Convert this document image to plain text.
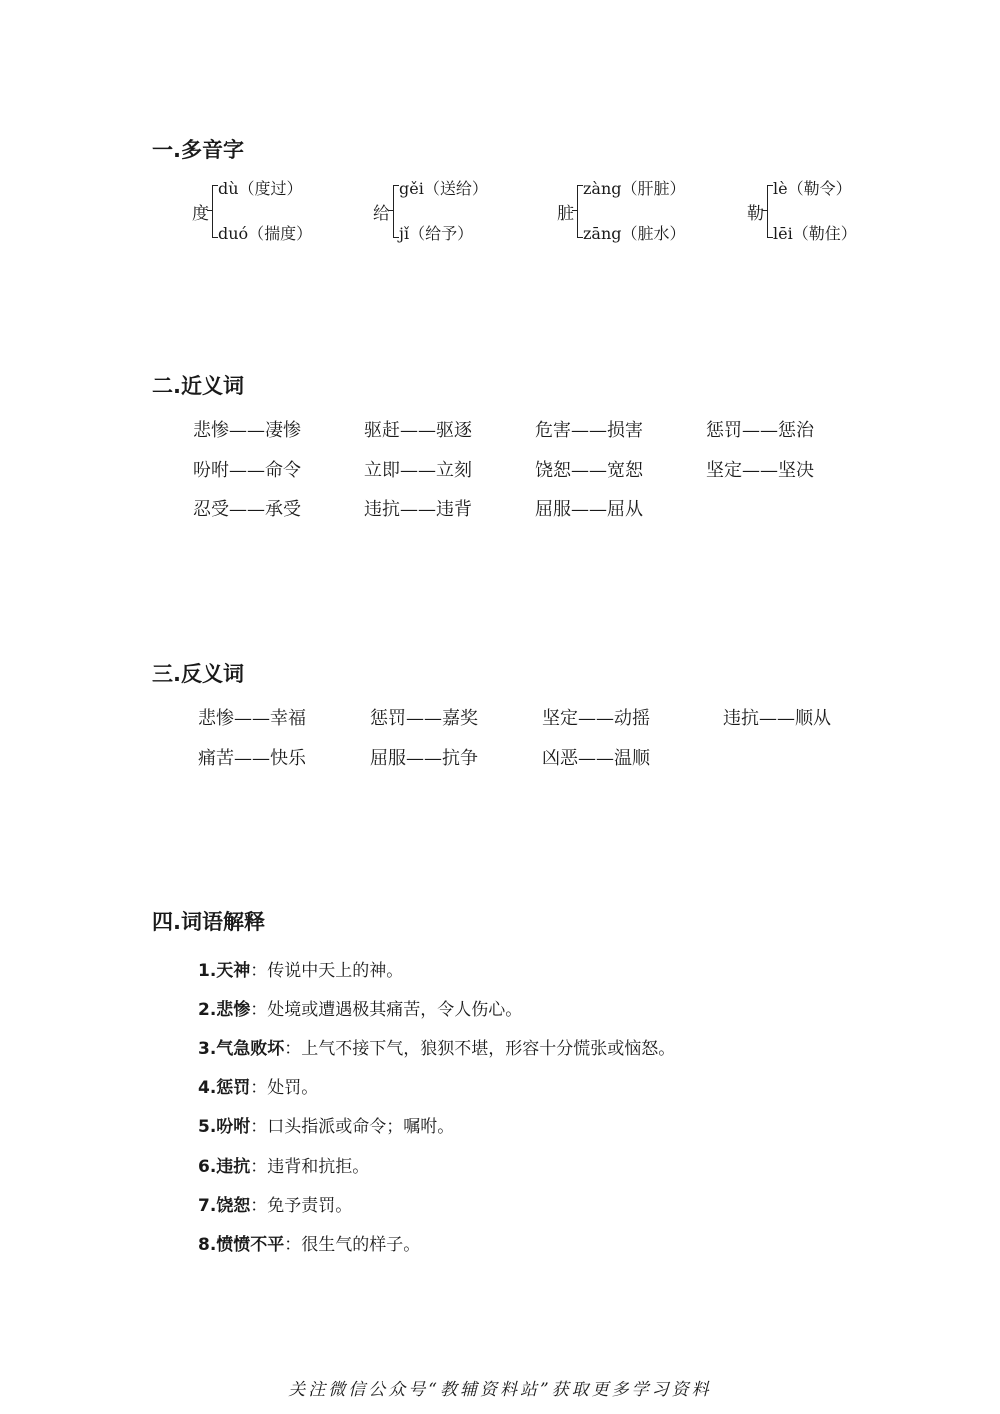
一.多音字
度
dù（度过）
duó（揣度）
给
gěi（送给）
jǐ（给予）
脏
zàng（肝脏）
zāng（脏水）
勒
lè（勒令）
lēi（勒住）
二.近义词
悲惨——凄惨	驱赶——驱逐	危害——损害	惩罚——惩治
吩咐——命令	立即——立刻	饶恕——宽恕	坚定——坚决
忍受——承受	违抗——违背	屈服——屈从
三.反义词
悲惨——幸福	惩罚——嘉奖	坚定——动摇	违抗——顺从
痛苦——快乐	屈服——抗争	凶恶——温顺
四.词语解释
1.天神：传说中天上的神。
2.悲惨：处境或遭遇极其痛苦，令人伤心。
3.气急败坏：上气不接下气，狼狈不堪，形容十分慌张或恼怒。
4.惩罚：处罚。
5.吩咐：口头指派或命令；嘱咐。
6.违抗：违背和抗拒。
7.饶恕：免予责罚。
8.愤愤不平：很生气的样子。
关注微信公众号“教辅资料站”获取更多学习资料
